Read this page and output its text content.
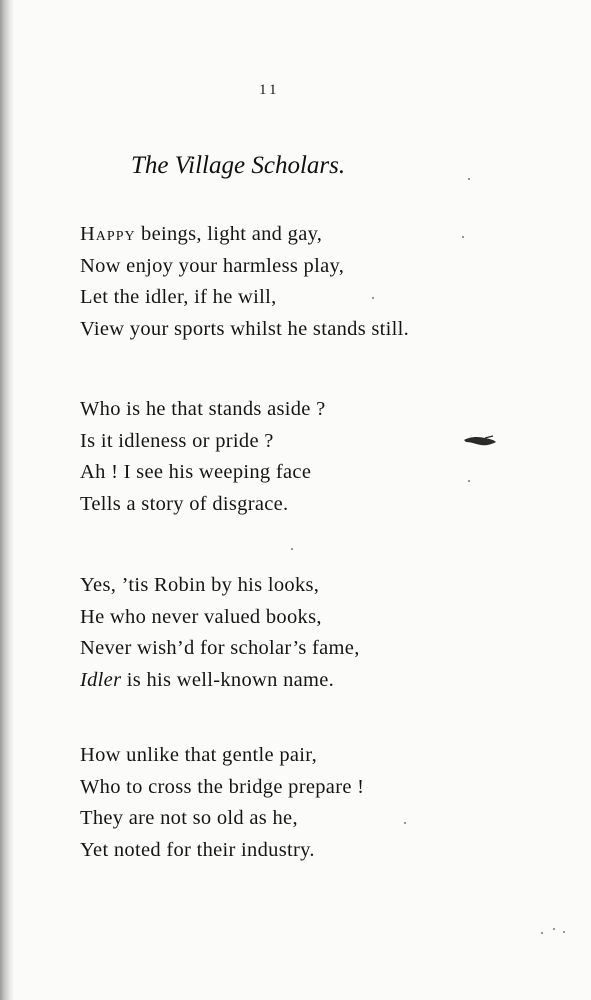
11
The Village Scholars.
Happy beings, light and gay,
Now enjoy your harmless play,
Let the idler, if he will,
View your sports whilst he stands still.
Who is he that stands aside ?
Is it idleness or pride ?
Ah ! I see his weeping face
Tells a story of disgrace.
Yes, ’tis Robin by his looks,
He who never valued books,
Never wish’d for scholar’s fame,
Idler is his well-known name.
How unlike that gentle pair,
Who to cross the bridge prepare !
They are not so old as he,
Yet noted for their industry.
